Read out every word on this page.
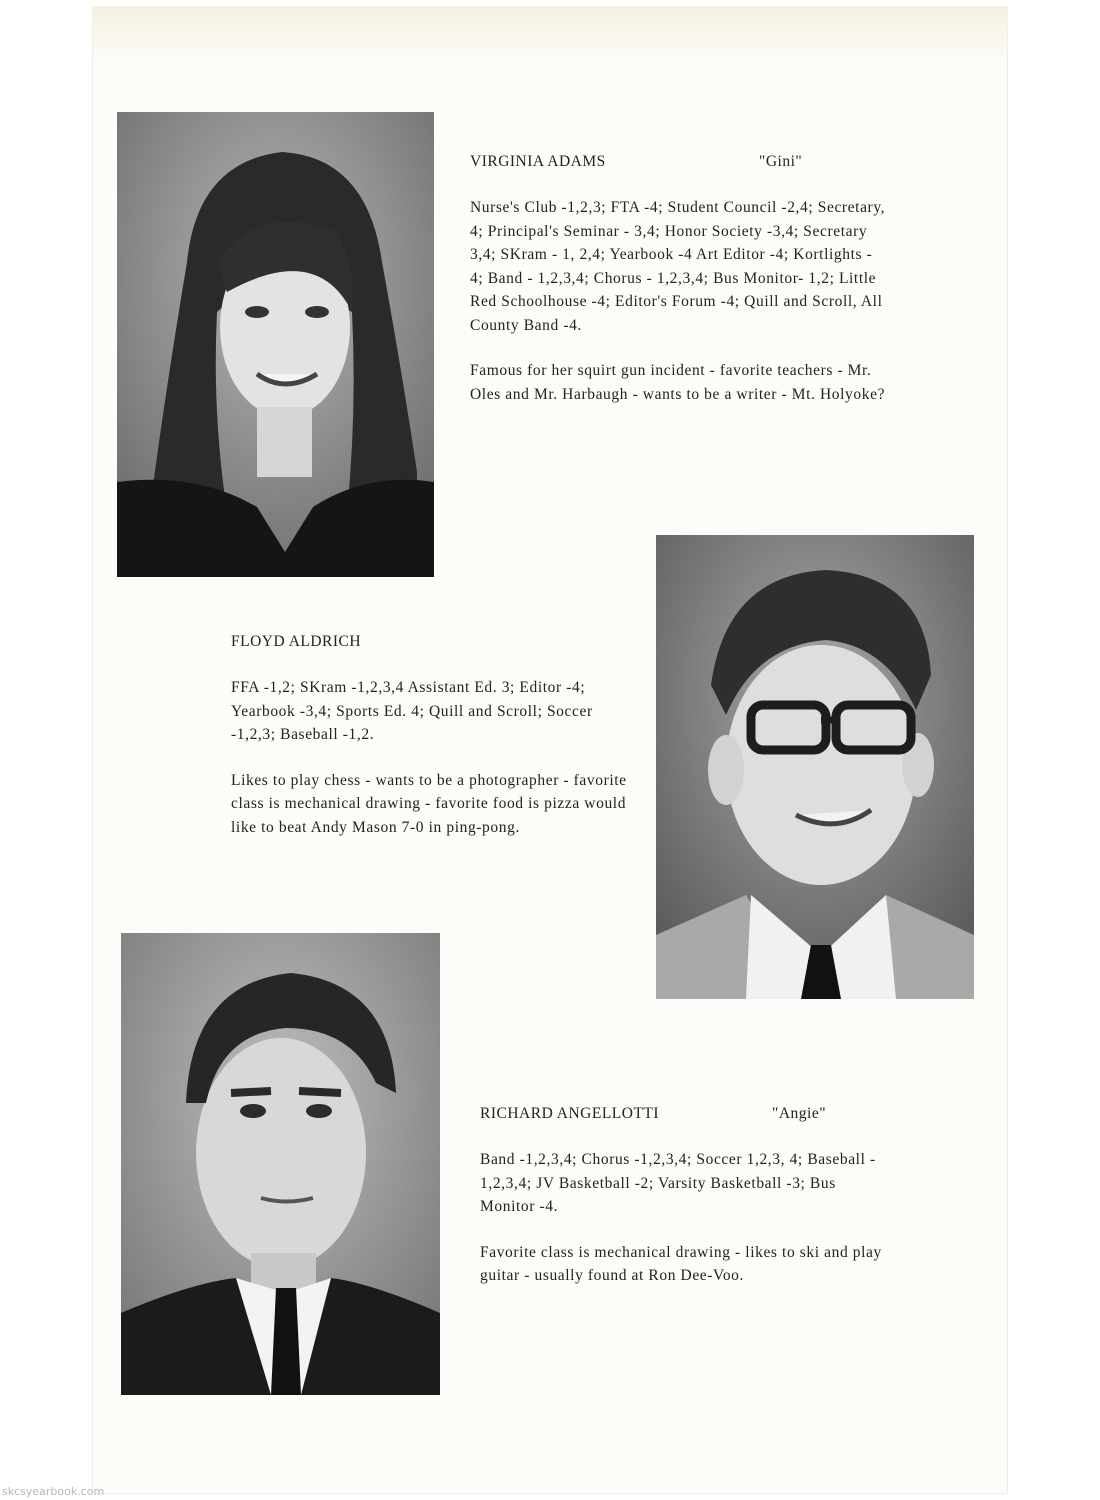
VIRGINIA ADAMS	"Gini"
Nurse's Club -1,2,3; FTA -4; Student Council -2,4; Secretary, 4; Principal's Seminar - 3,4; Honor Society -3,4; Secretary 3,4; SKram - 1, 2,4; Yearbook -4 Art Editor -4; Kortlights - 4; Band - 1,2,3,4; Chorus - 1,2,3,4; Bus Monitor- 1,2; Little Red Schoolhouse -4; Editor's Forum -4; Quill and Scroll, All County Band -4.
Famous for her squirt gun incident - favorite teachers - Mr. Oles and Mr. Harbaugh - wants to be a writer - Mt. Holyoke?
FLOYD ALDRICH
FFA -1,2; SKram -1,2,3,4 Assistant Ed. 3; Editor -4; Yearbook -3,4; Sports Ed. 4; Quill and Scroll; Soccer -1,2,3; Baseball -1,2.
Likes to play chess - wants to be a photographer - favorite class is mechanical drawing - favorite food is pizza would like to beat Andy Mason 7-0 in ping-pong.
RICHARD ANGELLOTTI	"Angie"
Band -1,2,3,4; Chorus -1,2,3,4; Soccer 1,2,3, 4; Baseball - 1,2,3,4; JV Basketball -2; Varsity Basketball -3; Bus Monitor -4.
Favorite class is mechanical drawing - likes to ski and play guitar - usually found at Ron Dee-Voo.
skcsyearbook.com
